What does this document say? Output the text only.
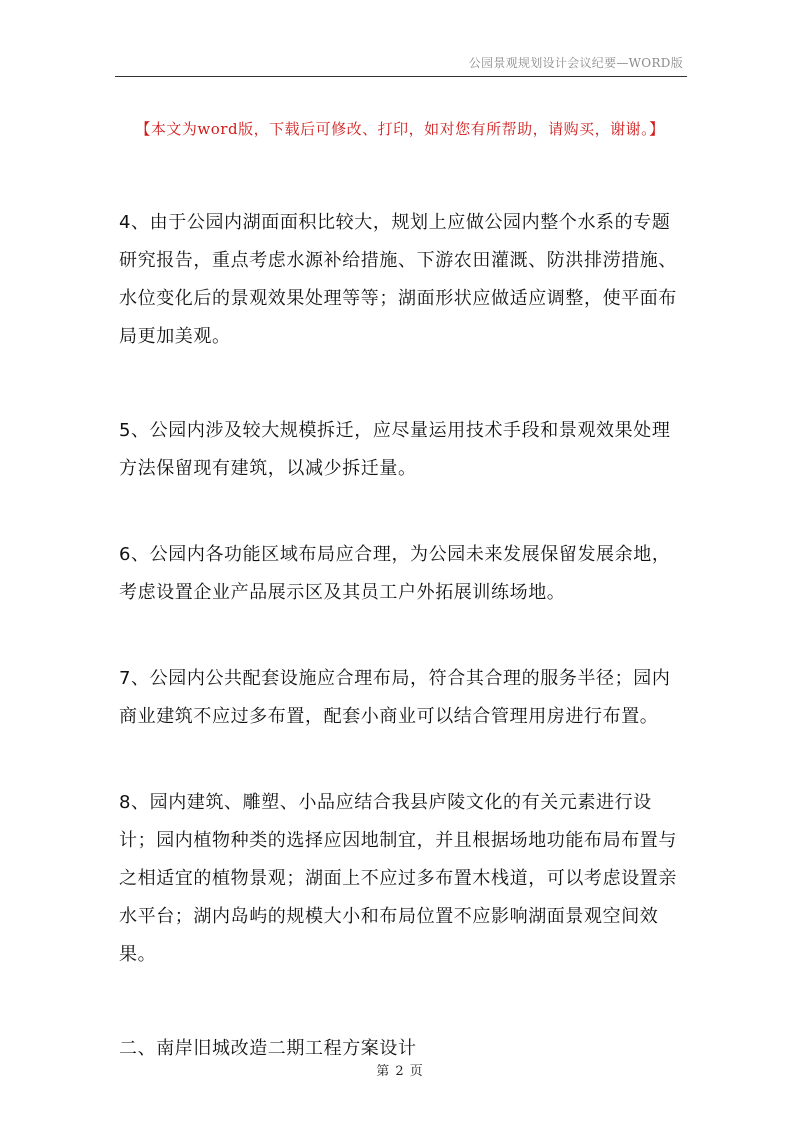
公园景观规划设计会议纪要—WORD版
【本文为word版，下载后可修改、打印，如对您有所帮助，请购买，谢谢。】

4、由于公园内湖面面积比较大，规划上应做公园内整个水系的专题研究报告，重点考虑水源补给措施、下游农田灌溉、防洪排涝措施、水位变化后的景观效果处理等等；湖面形状应做适应调整，使平面布局更加美观。

5、公园内涉及较大规模拆迁，应尽量运用技术手段和景观效果处理方法保留现有建筑，以减少拆迁量。

6、公园内各功能区域布局应合理，为公园未来发展保留发展余地，考虑设置企业产品展示区及其员工户外拓展训练场地。

7、公园内公共配套设施应合理布局，符合其合理的服务半径；园内商业建筑不应过多布置，配套小商业可以结合管理用房进行布置。

8、园内建筑、雕塑、小品应结合我县庐陵文化的有关元素进行设计；园内植物种类的选择应因地制宜，并且根据场地功能布局布置与之相适宜的植物景观；湖面上不应过多布置木栈道，可以考虑设置亲水平台；湖内岛屿的规模大小和布局位置不应影响湖面景观空间效果。

二、南岸旧城改造二期工程方案设计

第 2 页
